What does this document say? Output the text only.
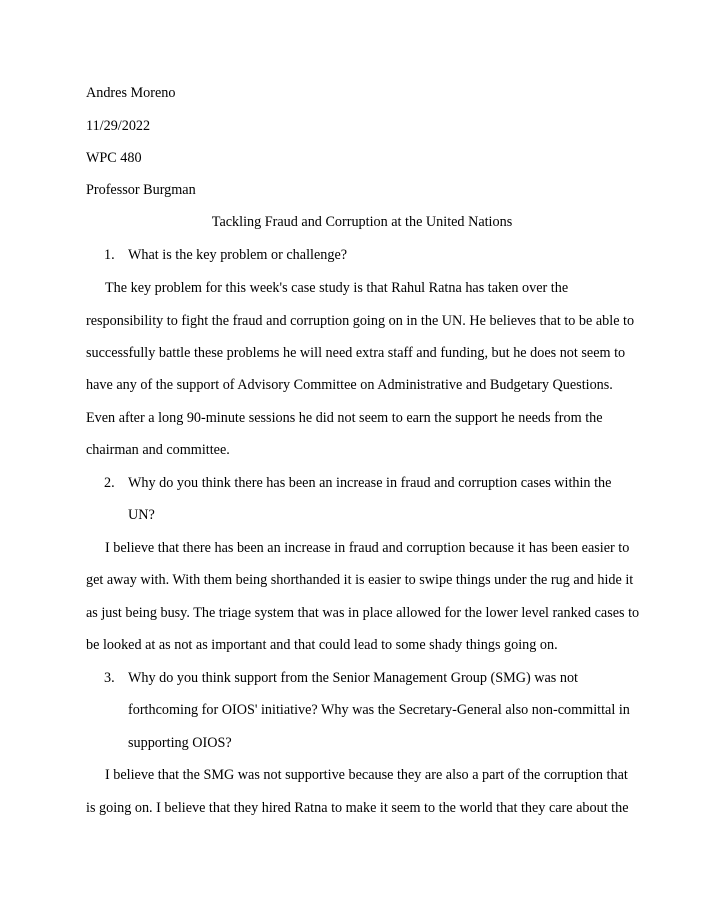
Andres Moreno
11/29/2022
WPC 480
Professor Burgman
Tackling Fraud and Corruption at the United Nations
1. What is the key problem or challenge?
The key problem for this week's case study is that Rahul Ratna has taken over the
responsibility to fight the fraud and corruption going on in the UN. He believes that to be able to
successfully battle these problems he will need extra staff and funding, but he does not seem to
have any of the support of Advisory Committee on Administrative and Budgetary Questions.
Even after a long 90-minute sessions he did not seem to earn the support he needs from the
chairman and committee.
2. Why do you think there has been an increase in fraud and corruption cases within the
UN?
I believe that there has been an increase in fraud and corruption because it has been easier to
get away with. With them being shorthanded it is easier to swipe things under the rug and hide it
as just being busy. The triage system that was in place allowed for the lower level ranked cases to
be looked at as not as important and that could lead to some shady things going on.
3. Why do you think support from the Senior Management Group (SMG) was not
forthcoming for OIOS' initiative? Why was the Secretary-General also non-committal in
supporting OIOS?
I believe that the SMG was not supportive because they are also a part of the corruption that
is going on. I believe that they hired Ratna to make it seem to the world that they care about the
